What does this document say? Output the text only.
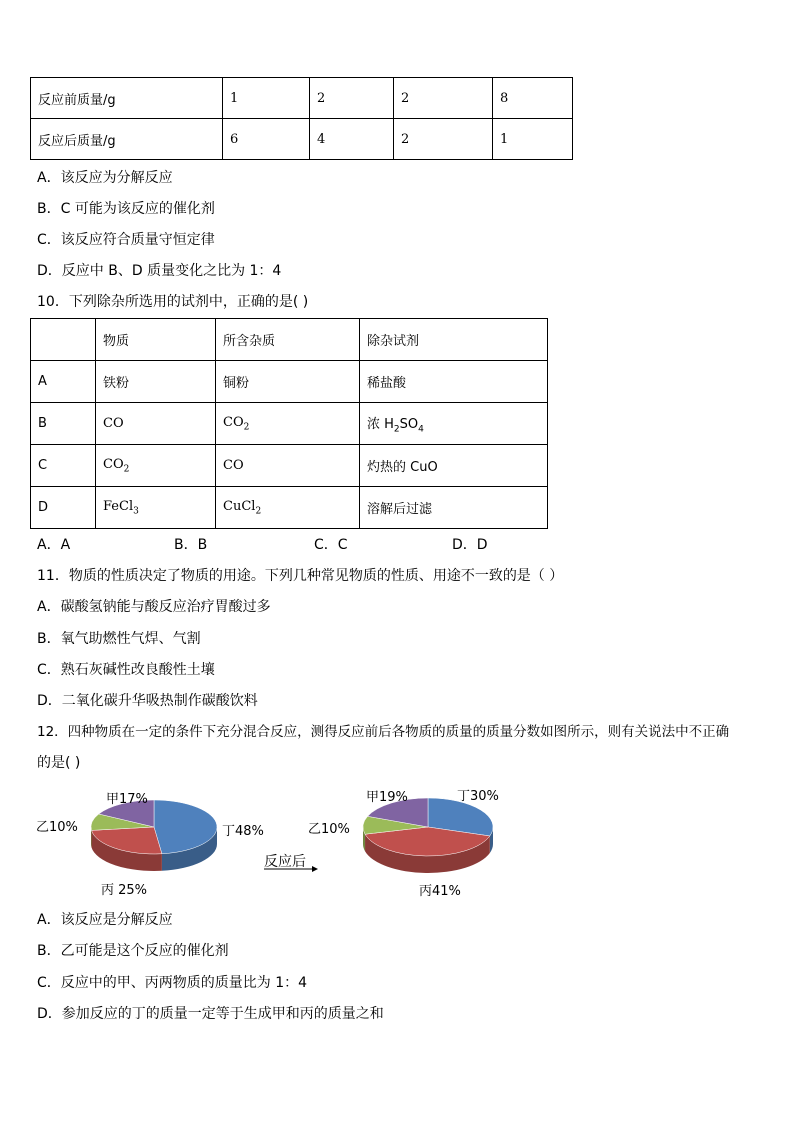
反应前质量/g	1	2	2	8
反应后质量/g	6	4	2	1
A．该反应为分解反应
B．C 可能为该反应的催化剂
C．该反应符合质量守恒定律
D．反应中 B、D 质量变化之比为 1：4
10．下列除杂所选用的试剂中，正确的是( )
	物质	所含杂质	除杂试剂
A	铁粉	铜粉	稀盐酸
B	CO	$CO_2$	浓 $H_2SO_4$
C	$CO_2$	CO	灼热的 CuO
D	FeCl$_3$	CuCl$_2$	溶解后过滤
A．A	B．B	C．C	D．D
11．物质的性质决定了物质的用途。下列几种常见物质的性质、用途不一致的是（ ）
A．碳酸氢钠能与酸反应治疗胃酸过多
B．氧气助燃性气焊、气割
C．熟石灰碱性改良酸性土壤
D．二氧化碳升华吸热制作碳酸饮料
12．四种物质在一定的条件下充分混合反应，测得反应前后各物质的质量的质量分数如图所示，则有关说法中不正确
的是( )
甲17%
乙10%
丙 25%
丁48%
反应后
甲19%
乙10%
丙41%
丁30%
A．该反应是分解反应
B．乙可能是这个反应的催化剂
C．反应中的甲、丙两物质的质量比为 1：4
D．参加反应的丁的质量一定等于生成甲和丙的质量之和
